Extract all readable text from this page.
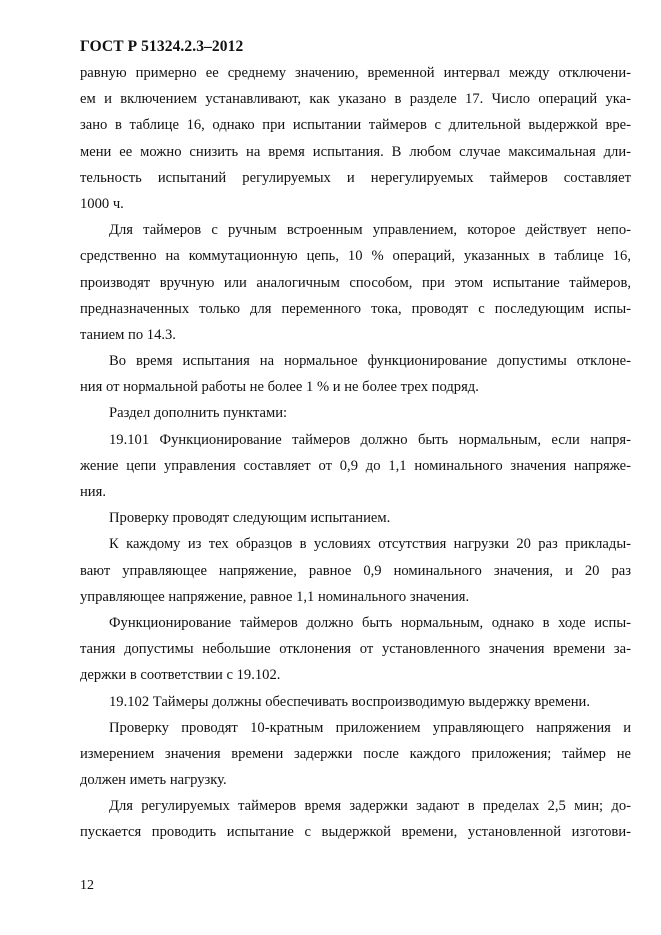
ГОСТ Р 51324.2.3–2012
равную примерно ее среднему значению, временной интервал между отключени-
ем и включением устанавливают, как указано в разделе 17. Число операций ука-
зано в таблице 16, однако при испытании таймеров с длительной выдержкой вре-
мени ее можно снизить на время испытания. В любом случае максимальная дли-
тельность испытаний регулируемых и нерегулируемых таймеров составляет
1000 ч.
Для таймеров с ручным встроенным управлением, которое действует непо-
средственно на коммутационную цепь, 10 % операций, указанных в таблице 16,
производят вручную или аналогичным способом, при этом испытание таймеров,
предназначенных только для переменного тока, проводят с последующим испы-
танием по 14.3.
Во время испытания на нормальное функционирование допустимы отклоне-
ния от нормальной работы не более 1 % и не более трех подряд.
Раздел дополнить пунктами:
19.101 Функционирование таймеров должно быть нормальным, если напря-
жение цепи управления составляет от 0,9 до 1,1 номинального значения напряже-
ния.
Проверку проводят следующим испытанием.
К каждому из тех образцов в условиях отсутствия нагрузки 20 раз приклады-
вают управляющее напряжение, равное 0,9 номинального значения, и 20 раз
управляющее напряжение, равное 1,1 номинального значения.
Функционирование таймеров должно быть нормальным, однако в ходе испы-
тания допустимы небольшие отклонения от установленного значения времени за-
держки в соответствии с 19.102.
19.102 Таймеры должны обеспечивать воспроизводимую выдержку времени.
Проверку проводят 10-кратным приложением управляющего напряжения и
измерением значения времени задержки после каждого приложения; таймер не
должен иметь нагрузку.
Для регулируемых таймеров время задержки задают в пределах 2,5 мин; до-
пускается проводить испытание с выдержкой времени, установленной изготови-
12
